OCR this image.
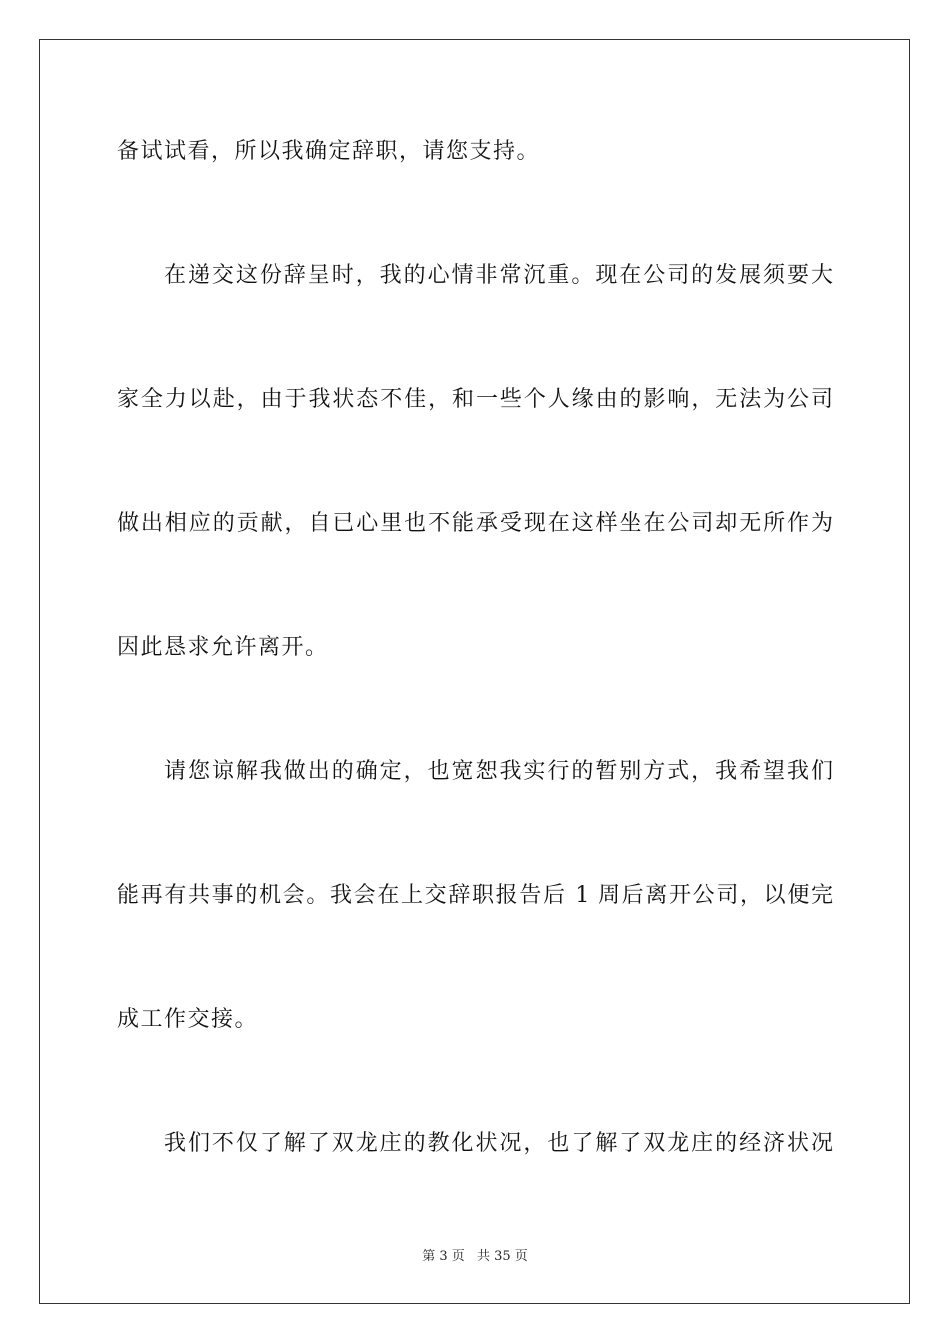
备试试看，所以我确定辞职，请您支持。
在递交这份辞呈时，我的心情非常沉重。现在公司的发展须要大
家全力以赴，由于我状态不佳，和一些个人缘由的影响，无法为公司
做出相应的贡献，自已心里也不能承受现在这样坐在公司却无所作为
因此恳求允许离开。
请您谅解我做出的确定，也宽恕我实行的暂别方式，我希望我们
能再有共事的机会。我会在上交辞职报告后 1 周后离开公司，以便完
成工作交接。
我们不仅了解了双龙庄的教化状况，也了解了双龙庄的经济状况
第 3 页 共 35 页
